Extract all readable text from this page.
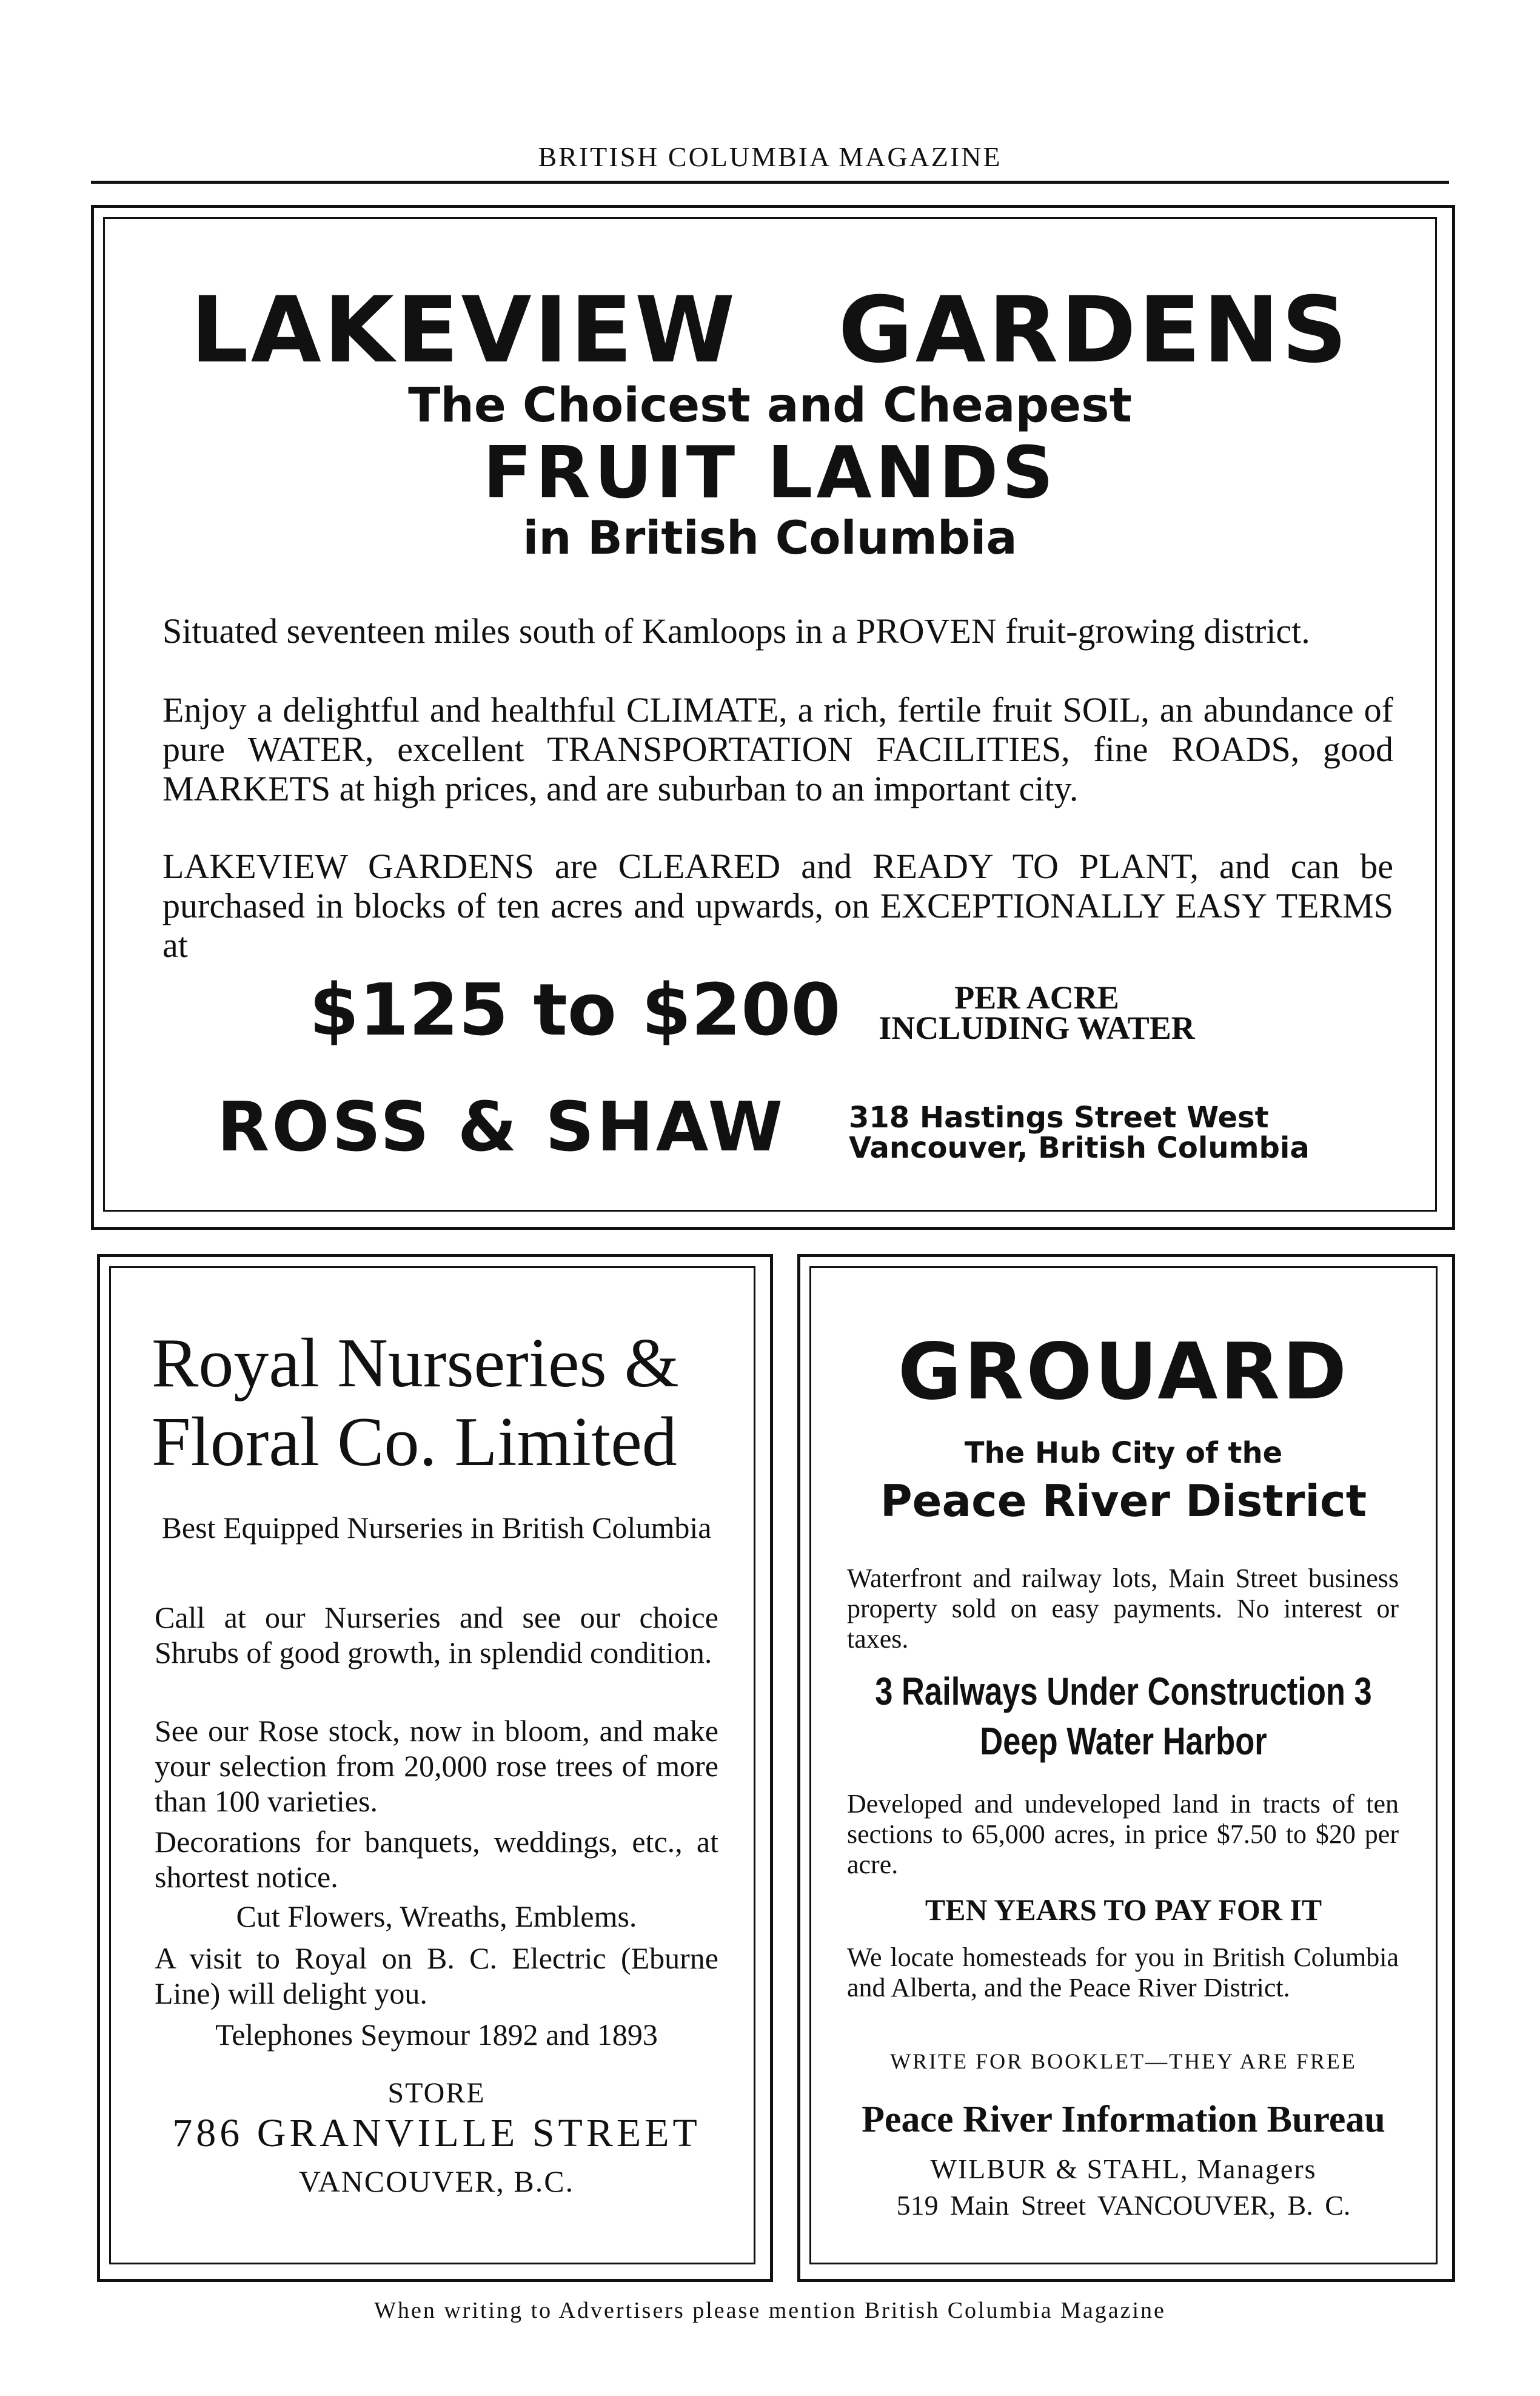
BRITISH COLUMBIA MAGAZINE
LAKEVIEW GARDENS
The Choicest and Cheapest
FRUIT LANDS
in British Columbia
Situated seventeen miles south of Kamloops in a PROVEN fruit-growing district.
Enjoy a delightful and healthful CLIMATE, a rich, fertile fruit SOIL, an abundance of pure WATER, excellent TRANSPORTATION FACILITIES, fine ROADS, good MARKETS at high prices, and are suburban to an important city.
LAKEVIEW GARDENS are CLEARED and READY TO PLANT, and can be purchased in blocks of ten acres and upwards, on EXCEPTIONALLY EASY TERMS at
$125 to $200	PER ACRE
INCLUDING WATER
ROSS & SHAW 318 Hastings Street West
Vancouver, British Columbia
Royal Nurseries &
Floral Co. Limited
Best Equipped Nurseries in British Columbia
Call at our Nurseries and see our choice Shrubs of good growth, in splendid condition.
See our Rose stock, now in bloom, and make your selection from 20,000 rose trees of more than 100 varieties.
Decorations for banquets, weddings, etc., at shortest notice.
Cut Flowers, Wreaths, Emblems.
A visit to Royal on B. C. Electric (Eburne Line) will delight you.
Telephones Seymour 1892 and 1893
STORE
786 GRANVILLE STREET
VANCOUVER, B.C.
GROUARD
The Hub City of the
Peace River District
Waterfront and railway lots, Main Street business property sold on easy payments. No interest or taxes.
3 Railways Under Construction 3
Deep Water Harbor
Developed and undeveloped land in tracts of ten sections to 65,000 acres, in price $7.50 to $20 per acre.
TEN YEARS TO PAY FOR IT
We locate homesteads for you in British Columbia and Alberta, and the Peace River District.
WRITE FOR BOOKLET—THEY ARE FREE
Peace River Information Bureau
WILBUR & STAHL, Managers
519 Main Street VANCOUVER, B. C.
When writing to Advertisers please mention British Columbia Magazine
